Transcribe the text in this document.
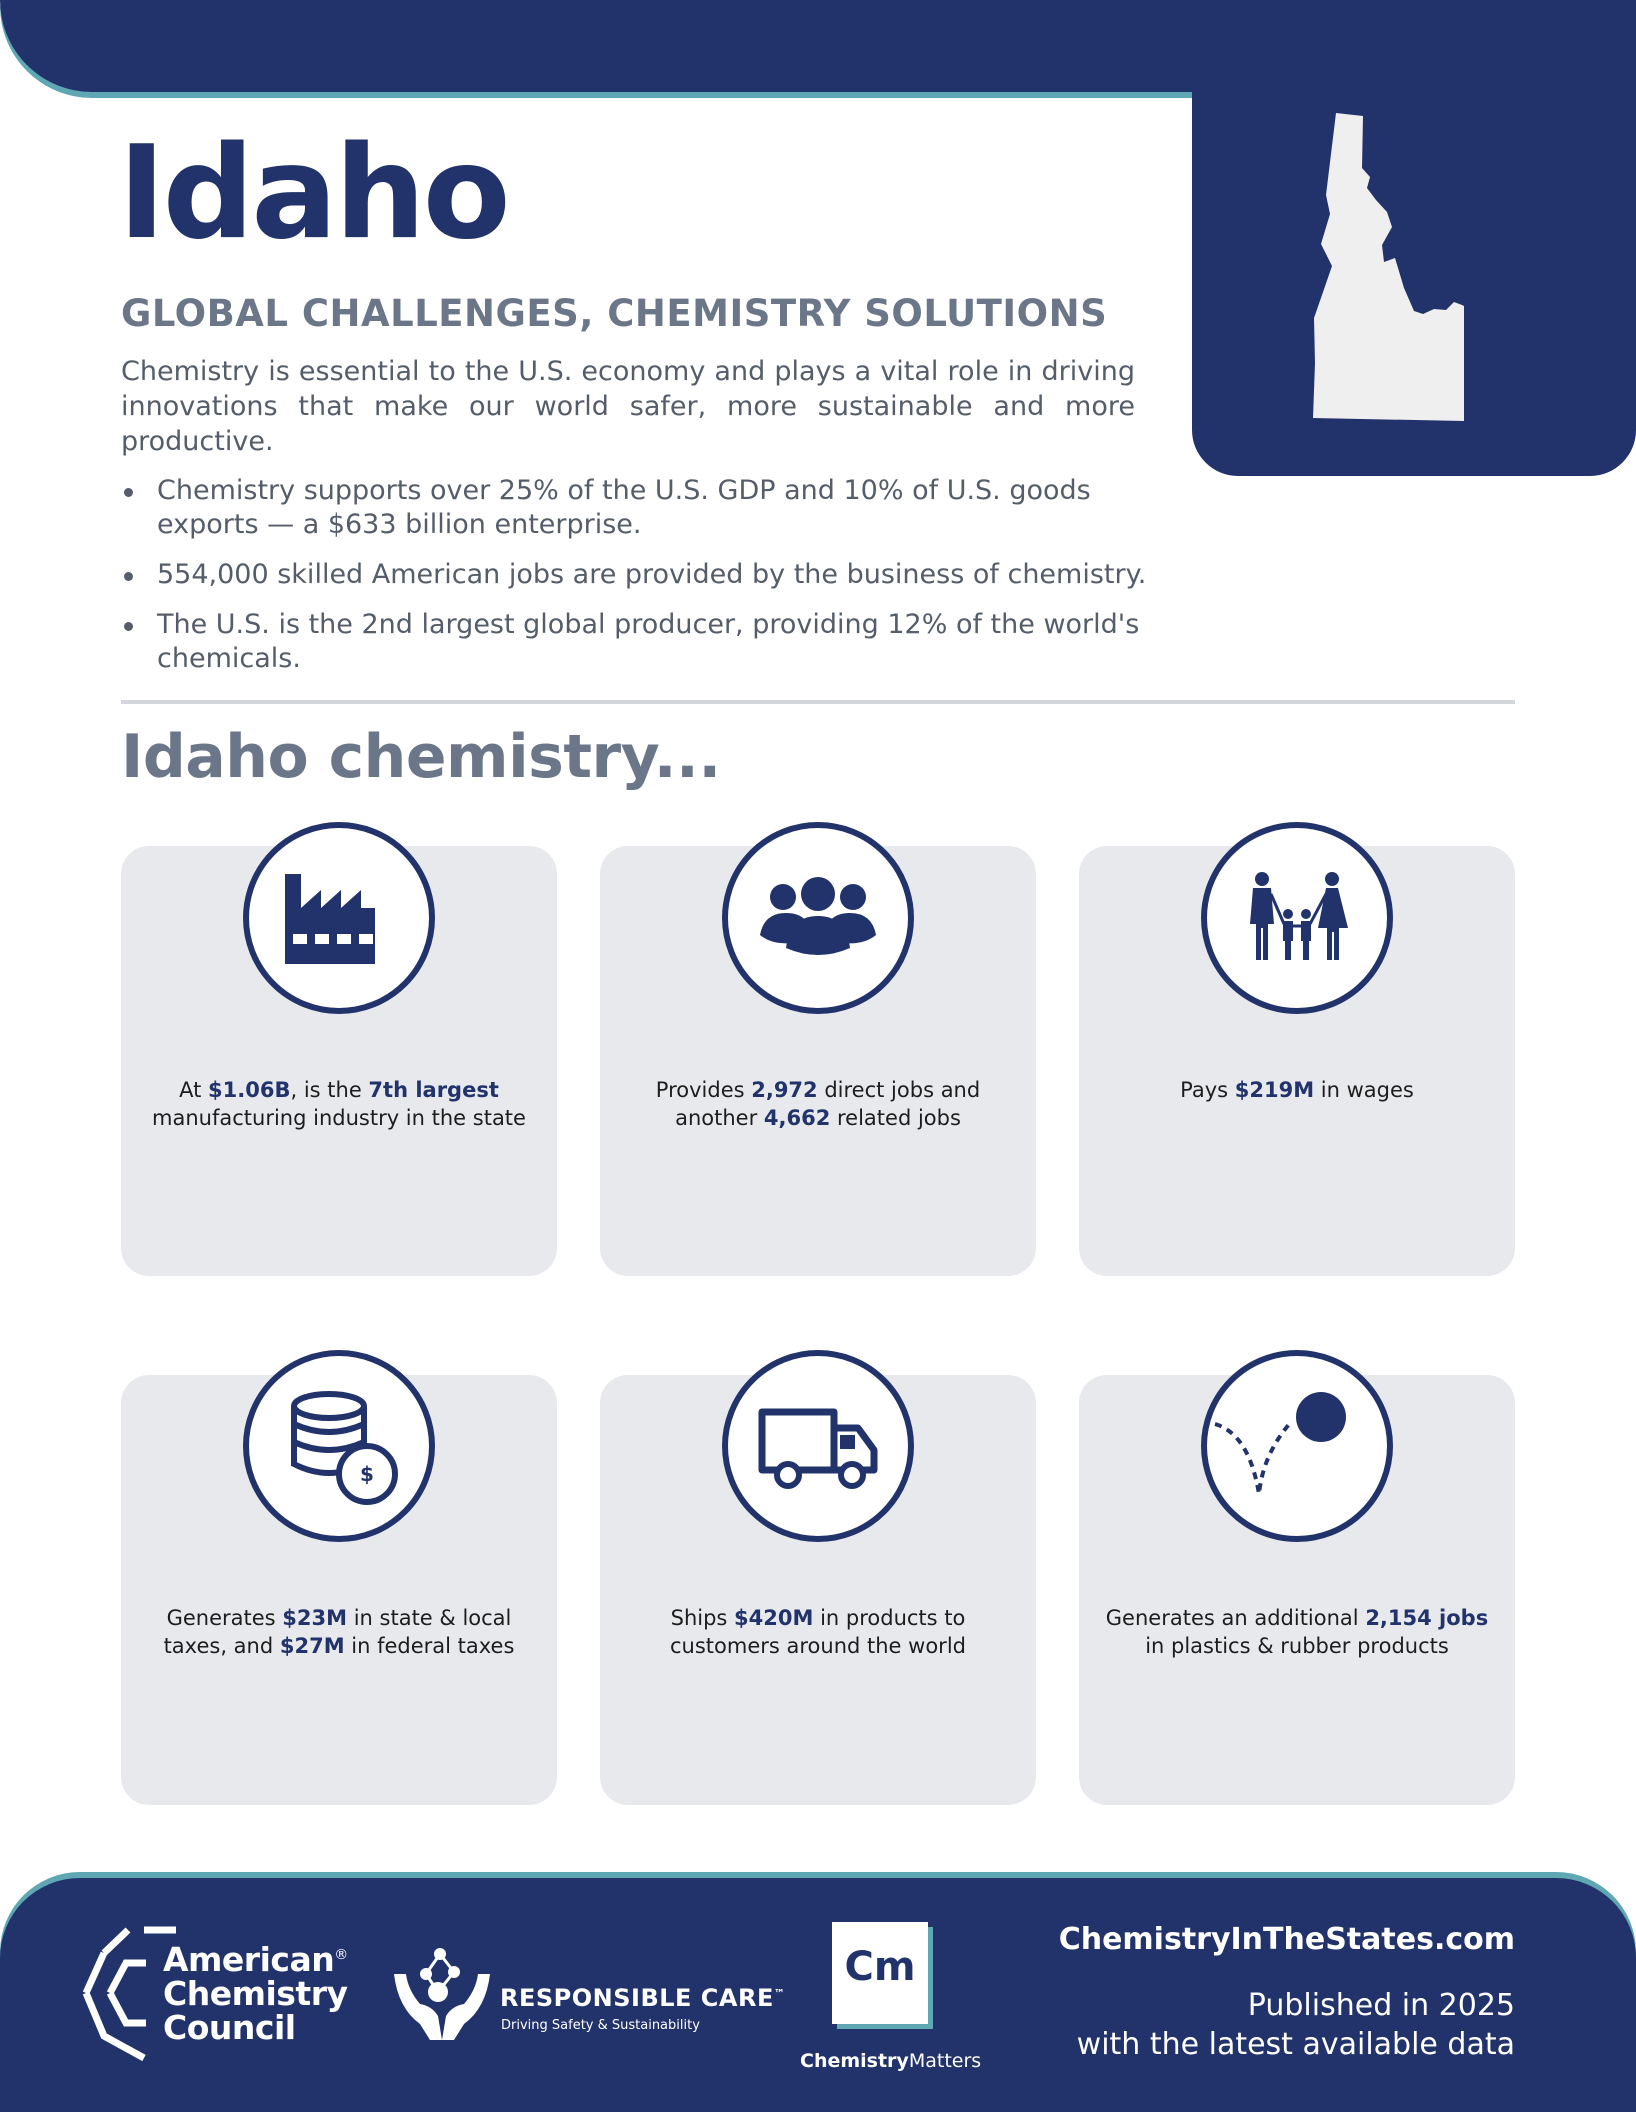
Idaho
GLOBAL CHALLENGES, CHEMISTRY SOLUTIONS

Chemistry is essential to the U.S. economy and plays a vital role in driving innovations that make our world safer, more sustainable and more productive.

Chemistry supports over 25% of the U.S. GDP and 10% of U.S. goods exports — a $633 billion enterprise.
554,000 skilled American jobs are provided by the business of chemistry.
The U.S. is the 2nd largest global producer, providing 12% of the world's chemicals.
Idaho chemistry...
At $1.06B, is the 7th largest manufacturing industry in the state
Provides 2,972 direct jobs and another 4,662 related jobs
Pays $219M in wages
$
Generates $23M in state & local taxes, and $27M in federal taxes
Ships $420M in products to customers around the world
Generates an additional 2,154 jobs in plastics & rubber products
American®
Chemistry
Council

RESPONSIBLE CARE™

Driving Safety & Sustainability

Cm

ChemistryMatters

ChemistryInTheStates.com

Published in 2025
with the latest available data
